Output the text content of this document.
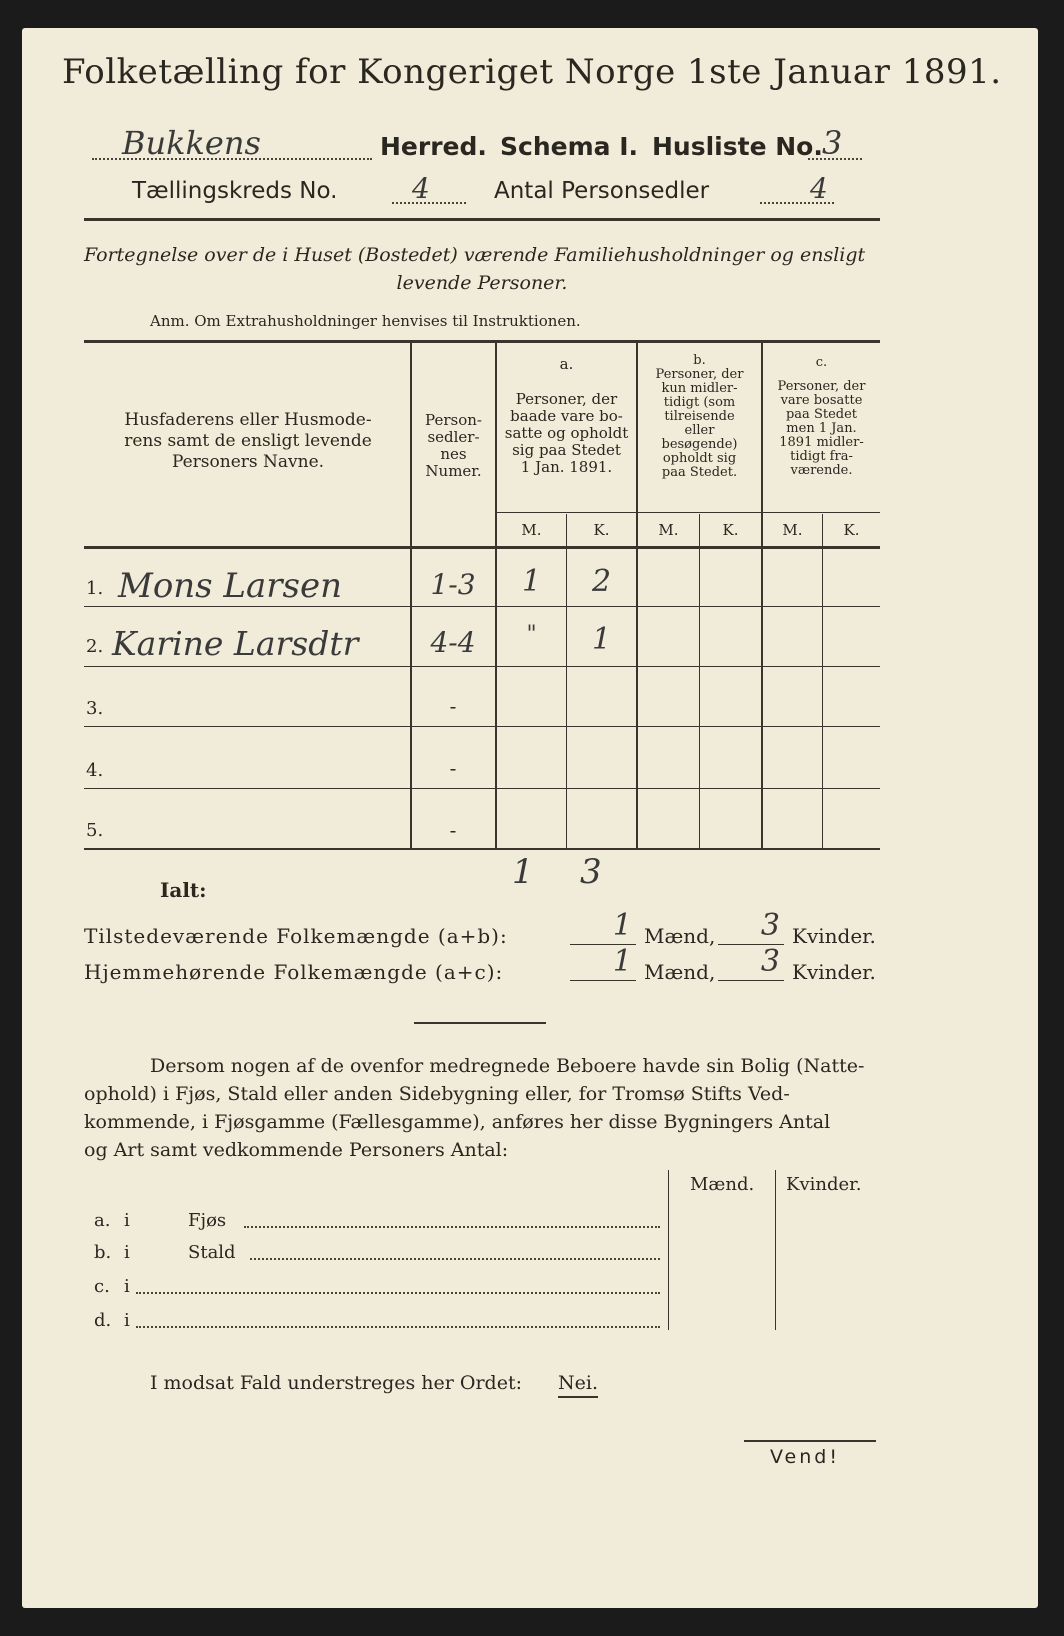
Folketælling for Kongeriget Norge 1ste Januar 1891.
Bukkens	Herred. Schema I. Husliste No. 3
Tællingskreds No.	4	Antal Personsedler	4
Fortegnelse over de i Huset (Bostedet) værende Familiehusholdninger og ensligt
levende Personer.
Anm. Om Extrahusholdninger henvises til Instruktionen.
Husfaderens eller Husmode-
rens samt de ensligt levende
Personers Navne.
Person-
sedler-
nes
Numer.
a.
Personer, der
baade vare bo-
satte og opholdt
sig paa Stedet
1 Jan. 1891.
b.
Personer, der
kun midler-
tidigt (som
tilreisende
eller
besøgende)
opholdt sig
paa Stedet.
c.
Personer, der
vare bosatte
paa Stedet
men 1 Jan.
1891 midler-
tidigt fra-
værende.
M.	K.	M.	K.	M.	K.
1. Mons Larsen	1-3	1	2
2. Karine Larsdtr	4-4	"	1
3.	-
4.	-
5.	-
Ialt:	1 3
Tilstedeværende Folkemængde (a+b):	1 Mænd, 3 Kvinder.
Hjemmehørende Folkemængde (a+c):	1 Mænd, 3 Kvinder.
Dersom nogen af de ovenfor medregnede Beboere havde sin Bolig (Natte-
ophold) i Fjøs, Stald eller anden Sidebygning eller, for Tromsø Stifts Ved-
kommende, i Fjøsgamme (Fællesgamme), anføres her disse Bygningers Antal
og Art samt vedkommende Personers Antal:
Mænd. Kvinder.
a. i	Fjøs
b. i	Stald
c. i
d. i
I modsat Fald understreges her Ordet: Nei.
Vend!
